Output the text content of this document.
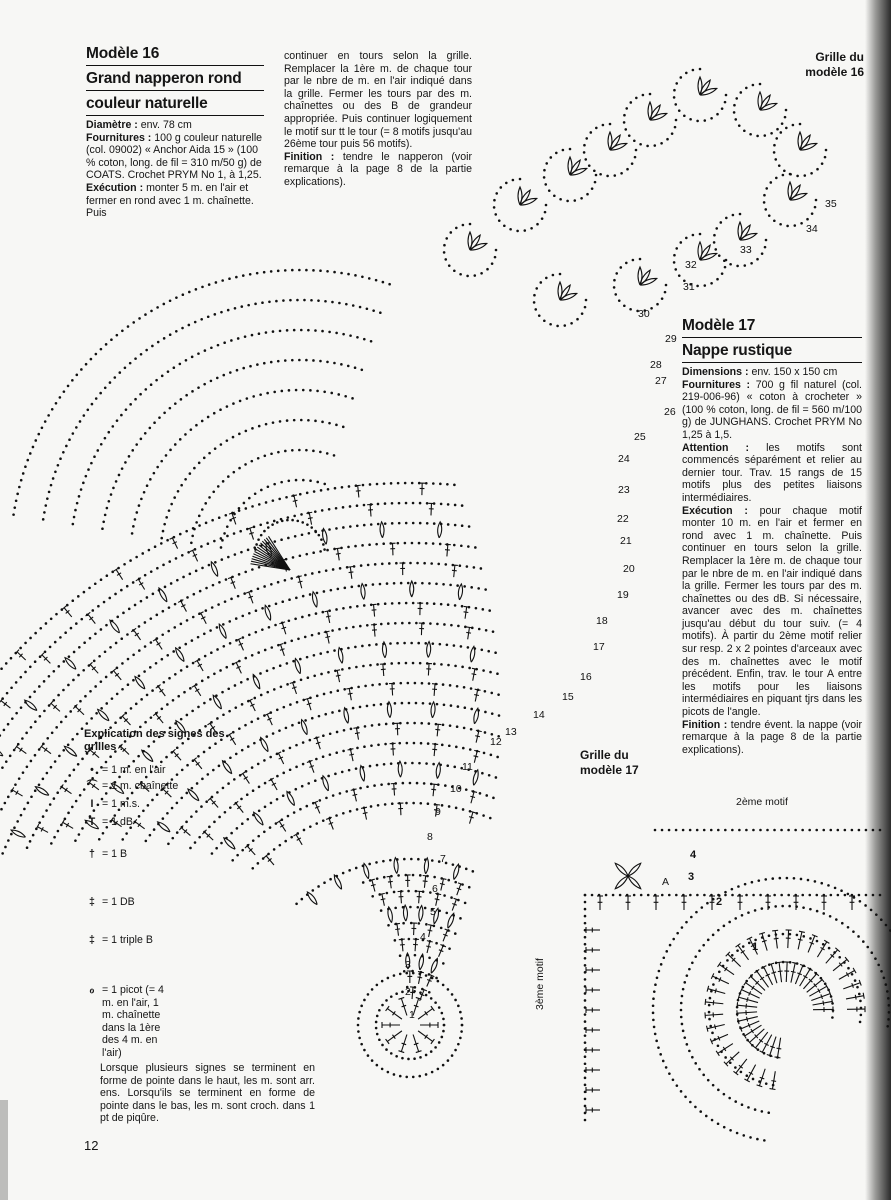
1
2
3
4
5
6
7
8
9
10
11
12
13
14
15
16
17
18
19
20
21
22
23
24
25
26
27
28
29
30
31
32
33
34
35
1
2
3
4
Modèle 16
Grand napperon rond
couleur naturelle
Diamètre : env. 78 cm
Fournitures : 100 g couleur naturelle (col. 09002) « Anchor Aida 15 » (100 % coton, long. de fil = 310 m/50 g) de COATS. Crochet PRYM No 1, à 1,25.
Exécution : monter 5 m. en l'air et fermer en rond avec 1 m. chaînette. Puis
continuer en tours selon la grille. Remplacer la 1ère m. de chaque tour par le nbre de m. en l'air indiqué dans la grille. Fermer les tours par des m. chaînettes ou des B de grandeur appropriée. Puis continuer logiquement le motif sur tt le tour (= 8 motifs jusqu'au 26ème tour puis 56 motifs).
Finition : tendre le napperon (voir remarque à la page 8 de la partie explications).
Grille du
modèle 16
Modèle 17
Nappe rustique
Dimensions : env. 150 x 150 cm
Fournitures : 700 g fil naturel (col. 219-006-96) « coton à crocheter » (100 % coton, long. de fil = 560 m/100 g) de JUNGHANS. Crochet PRYM No 1,25 à 1,5.
Attention : les motifs sont commencés séparément et relier au dernier tour. Trav. 15 rangs de 15 motifs plus des petites liaisons intermédiaires.
Exécution : pour chaque motif monter 10 m. en l'air et fermer en rond avec 1 m. chaînette. Puis continuer en tours selon la grille. Remplacer la 1ère m. de chaque tour par le nbre de m. en l'air indiqué dans la grille. Fermer les tours par des m. chaînettes ou des dB. Si nécessaire, avancer avec des m. chaînettes jusqu'au début du tour suiv. (= 4 motifs). À partir du 2ème motif relier sur resp. 2 x 2 pointes d'arceaux avec des m. chaînettes avec le motif précédent. Enfin, trav. le tour A entre les motifs pour les liaisons intermédiaires en piquant tjrs dans les picots de l'angle.
Finition : tendre évent. la nappe (voir remarque à la page 8 de la partie explications).
Grille du
modèle 17
2ème motif
3ème motif
A
Explication des signes des grilles :
• = 1 m. en l'air
⌒ = 1 m. chaînette
I = 1 m.s.
T = 1 dB
† = 1 B
‡ = 1 DB
‡ = 1 triple B
ℴ = 1 picot (= 4 m. en l'air, 1 m. chaînette dans la 1ère des 4 m. en l'air)
Lorsque plusieurs signes se terminent en forme de pointe dans le haut, les m. sont arr. ens. Lorsqu'ils se terminent en forme de pointe dans le bas, les m. sont croch. dans 1 pt de piqûre.
12
